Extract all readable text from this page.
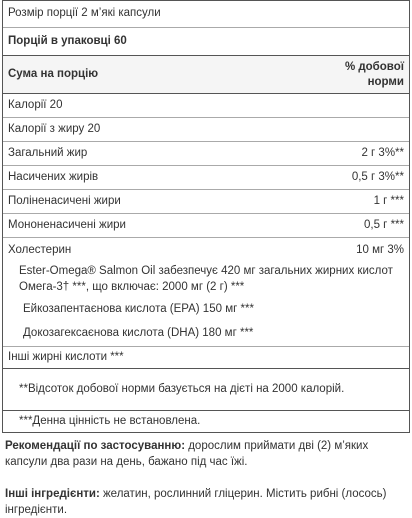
Розмір порції 2 м’які капсули
Порцій в упаковці 60
Сума на порцію
% добової
норми
Калорії 20
Калорії з жиру 20
Загальний жир	2 г 3%**
Насичених жирів	0,5 г 3%**
Поліненасичені жири	1 г ***
Мононенасичені жири	0,5 г ***
Холестерин	10 мг 3%
Ester-Omega® Salmon Oil забезпечує 420 мг загальних жирних кислот Омега-3† ***, що включає: 2000 мг (2 г) ***
Ейкозапентаєнова кислота (EPA) 150 мг ***
Докозагексаєнова кислота (DHA) 180 мг ***
Інші жирні кислоти ***
**Відсоток добової норми базується на дієті на 2000 калорій.
***Денна цінність не встановлена.
Рекомендації по застосуванню: дорослим приймати дві (2) м’яких капсули два рази на день, бажано під час їжі.
Інші інгредієнти: желатин, рослинний гліцерин. Містить рибні (лосось) інгредієнти.
